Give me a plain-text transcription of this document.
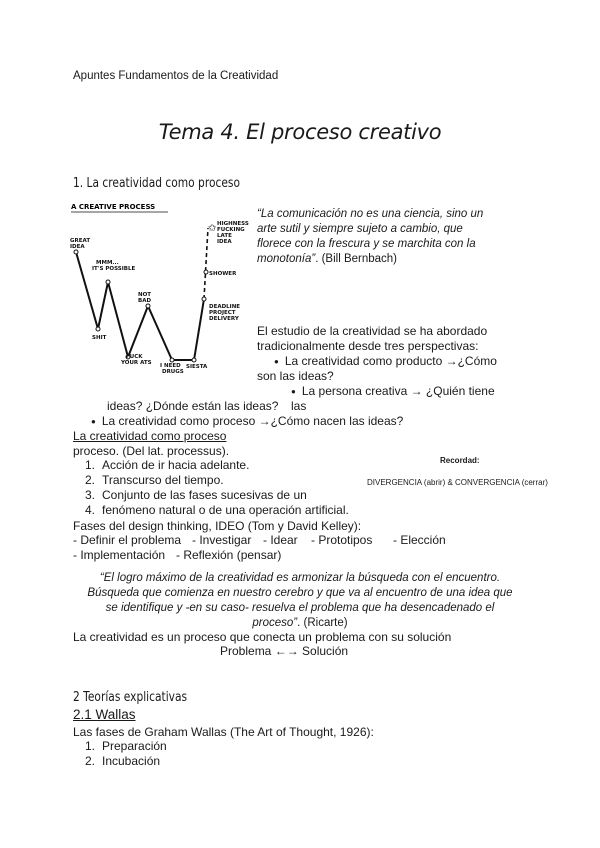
Apuntes Fundamentos de la Creatividad
Tema 4. El proceso creativo
1. La creatividad como proceso
A CREATIVE PROCESS
✩
GREAT IDEA
MMM... IT'S POSSIBLE
SHIT
NOT BAD
FUCK YOUR ATS I NEED DRUGS
SIESTA
DEADLINE PROJECT DELIVERY
SHOWER
HIGHNESS FUCKING LATE IDEA
“La comunicación no es una ciencia, sino un arte sutil y siempre sujeto a cambio, que florece con la frescura y se marchita con la monotonía”. (Bill Bernbach)
El estudio de la creatividad se ha abordado tradicionalmente desde tres perspectivas:
● La creatividad como producto →¿Cómo
son las ideas?
● La persona creativa → ¿Quién tiene las
ideas? ¿Dónde están las ideas?
● La creatividad como proceso →¿Cómo nacen las ideas?
La creatividad como proceso
proceso. (Del lat. processus).
1. Acción de ir hacia adelante.
2. Transcurso del tiempo.
3. Conjunto de las fases sucesivas de un
4. fenómeno natural o de una operación artificial.
Recordad:
DIVERGENCIA (abrir) & CONVERGENCIA (cerrar)
Fases del design thinking, IDEO (Tom y David Kelley):
- Definir el problema - Investigar - Idear - Prototipos - Elección
- Implementación - Reflexión (pensar)
“El logro máximo de la creatividad es armonizar la búsqueda con el encuentro. Búsqueda que comienza en nuestro cerebro y que va al encuentro de una idea que se identifique y -en su caso- resuelva el problema que ha desencadenado el proceso”. (Ricarte)
La creatividad es un proceso que conecta un problema con su solución
Problema ←→ Solución
2 Teorías explicativas
2.1 Wallas
Las fases de Graham Wallas (The Art of Thought, 1926):
1. Preparación
2. Incubación
